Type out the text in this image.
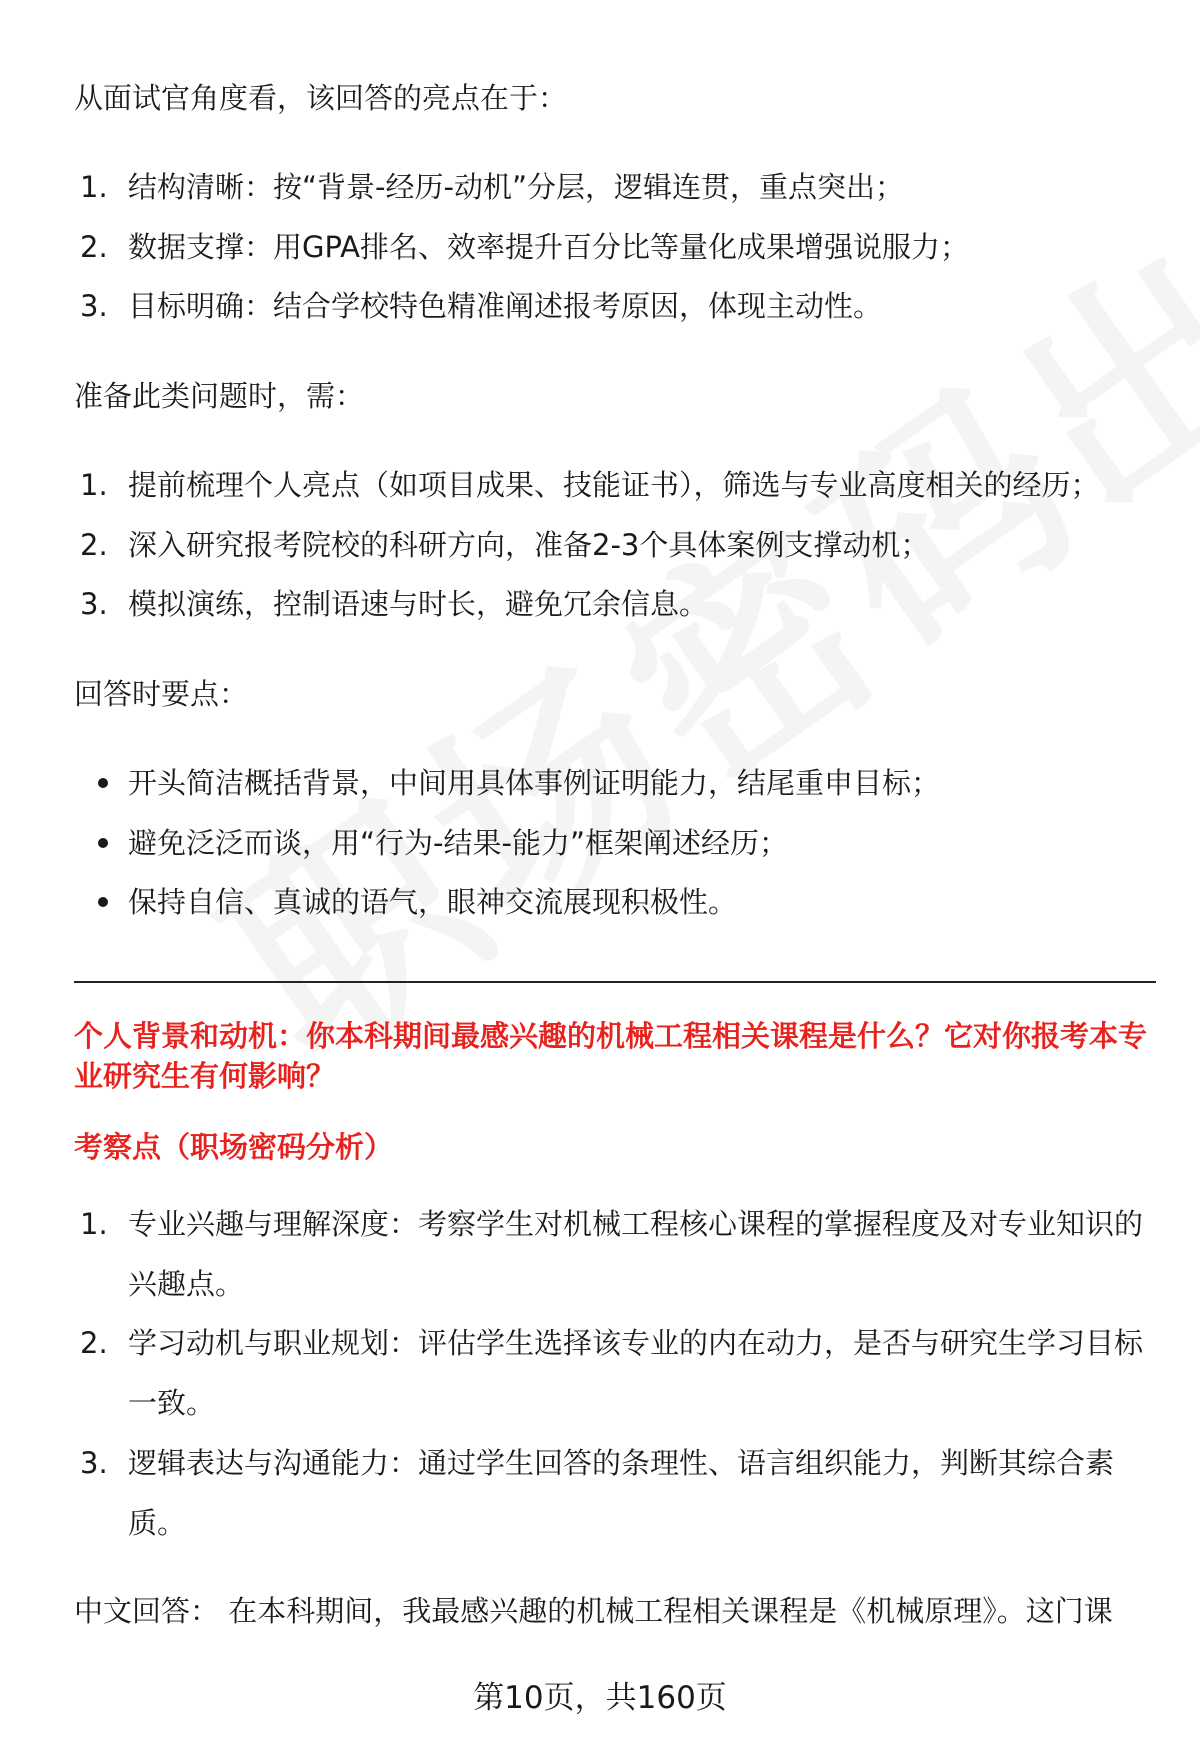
从面试官角度看，该回答的亮点在于：
1. 结构清晰：按“背景-经历-动机”分层，逻辑连贯，重点突出；
2. 数据支撑：用GPA排名、效率提升百分比等量化成果增强说服力；
3. 目标明确：结合学校特色精准阐述报考原因，体现主动性。
准备此类问题时，需：
1. 提前梳理个人亮点（如项目成果、技能证书），筛选与专业高度相关的经历；
2. 深入研究报考院校的科研方向，准备2-3个具体案例支撑动机；
3. 模拟演练，控制语速与时长，避免冗余信息。
回答时要点：
开头简洁概括背景，中间用具体事例证明能力，结尾重申目标；
避免泛泛而谈，用“行为-结果-能力”框架阐述经历；
保持自信、真诚的语气，眼神交流展现积极性。
个人背景和动机：你本科期间最感兴趣的机械工程相关课程是什么？它对你报考本专业研究生有何影响？
考察点（职场密码分析）
1. 专业兴趣与理解深度：考察学生对机械工程核心课程的掌握程度及对专业知识的兴趣点。
2. 学习动机与职业规划：评估学生选择该专业的内在动力，是否与研究生学习目标一致。
3. 逻辑表达与沟通能力：通过学生回答的条理性、语言组织能力，判断其综合素质。
中文回答： 在本科期间，我最感兴趣的机械工程相关课程是《机械原理》。这门课
第10页，共160页
